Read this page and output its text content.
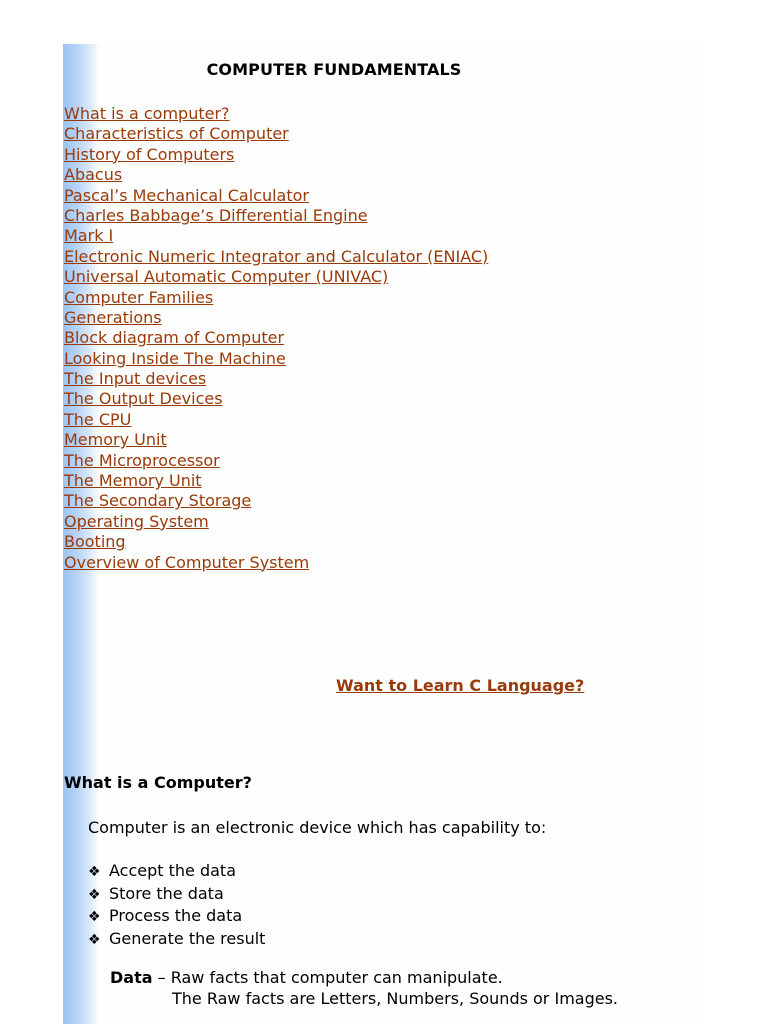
COMPUTER FUNDAMENTALS
What is a computer?
Characteristics of Computer
History of Computers
Abacus
Pascal’s Mechanical Calculator
Charles Babbage’s Differential Engine
Mark I
Electronic Numeric Integrator and Calculator (ENIAC)
Universal Automatic Computer (UNIVAC)
Computer Families
Generations
Block diagram of Computer
Looking Inside The Machine
The Input devices
The Output Devices
The CPU
Memory Unit
The Microprocessor
The Memory Unit
The Secondary Storage
Operating System
Booting
Overview of Computer System
Want to Learn C Language?
What is a Computer?
Computer is an electronic device which has capability to:
❖ Accept the data
❖ Store the data
❖ Process the data
❖ Generate the result
Data – Raw facts that computer can manipulate.
The Raw facts are Letters, Numbers, Sounds or Images.
